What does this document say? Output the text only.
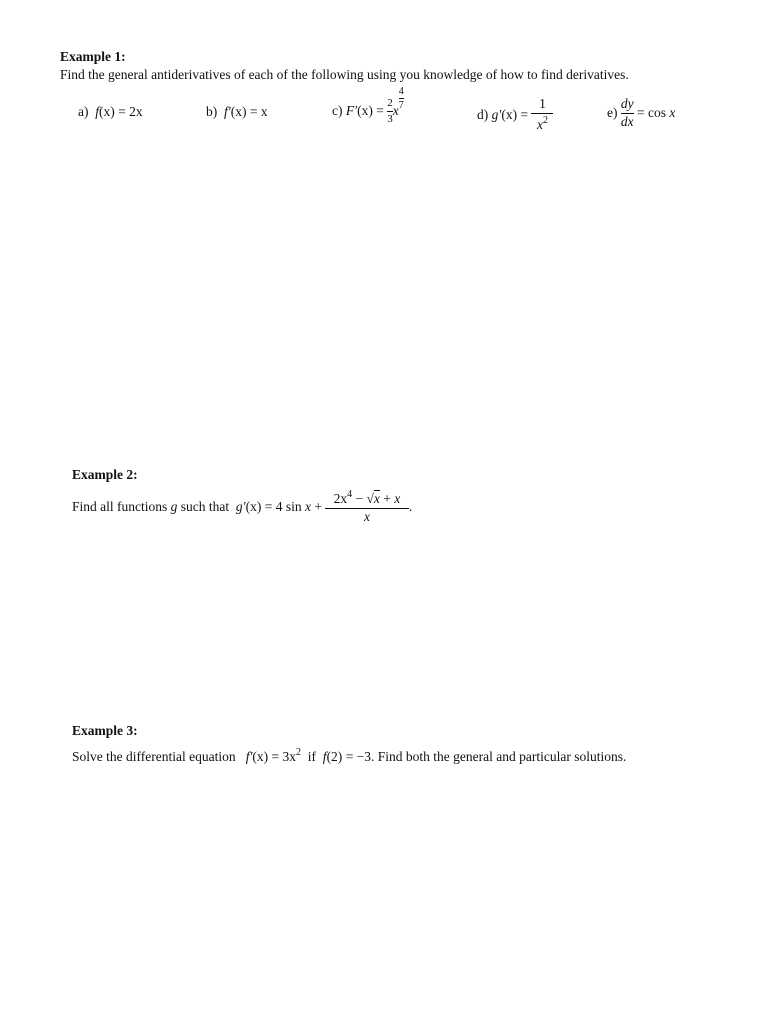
Example 1:
Find the general antiderivatives of each of the following using you knowledge of how to find derivatives.
a) f(x) = 2x	b) f′(x) = x	c)
F′ (x)
=
$\frac{2}{3}$ x $\frac{4}{7}$
d)
g′ (x)
=
$\frac{1}{x^2}$	e)
$\frac{dy}{dx}$
= cos
x
Example 2:
Find all functions
g
such that
g′ (x)
= 4 sin
x
+ $\frac{2x^4 - √x + x}{x}$ .
Example 3:
Solve the differential equation $f'(x) = 3x^2$ if f(2) = −3. Find both the general and particular solutions.
